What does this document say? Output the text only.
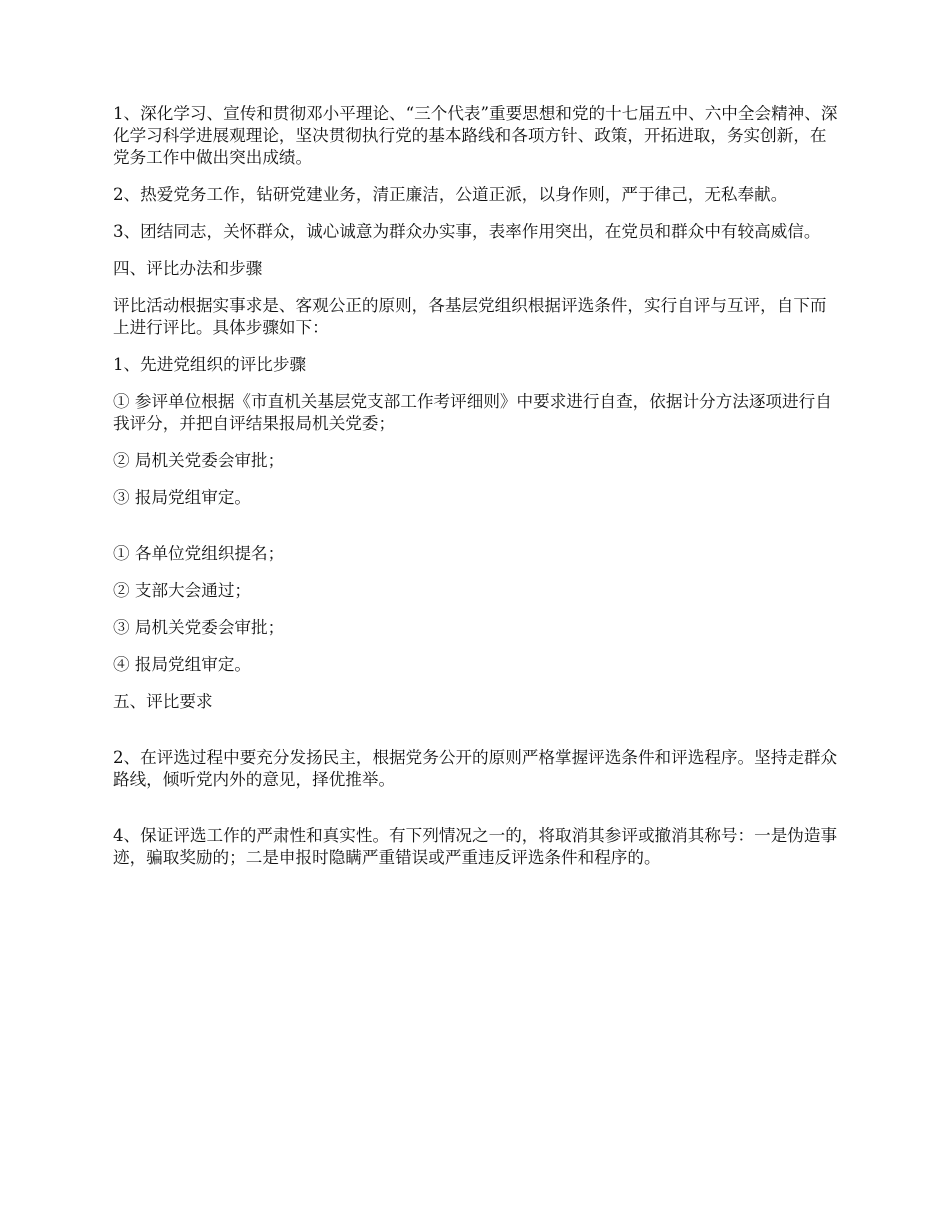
1、深化学习、宣传和贯彻邓小平理论、“三个代表”重要思想和党的十七届五中、六中全会精神、深化学习科学进展观理论，坚决贯彻执行党的基本路线和各项方针、政策，开拓进取，务实创新，在党务工作中做出突出成绩。

2、热爱党务工作，钻研党建业务，清正廉洁，公道正派，以身作则，严于律己，无私奉献。

3、团结同志，关怀群众，诚心诚意为群众办实事，表率作用突出，在党员和群众中有较高威信。

四、评比办法和步骤

评比活动根据实事求是、客观公正的原则，各基层党组织根据评选条件，实行自评与互评，自下而上进行评比。具体步骤如下：

1、先进党组织的评比步骤

① 参评单位根据《市直机关基层党支部工作考评细则》中要求进行自查，依据计分方法逐项进行自我评分，并把自评结果报局机关党委；

② 局机关党委会审批；

③ 报局党组审定。

① 各单位党组织提名；

② 支部大会通过；

③ 局机关党委会审批；

④ 报局党组审定。

五、评比要求

2、在评选过程中要充分发扬民主，根据党务公开的原则严格掌握评选条件和评选程序。坚持走群众路线，倾听党内外的意见，择优推举。

4、保证评选工作的严肃性和真实性。有下列情况之一的，将取消其参评或撤消其称号：一是伪造事迹，骗取奖励的；二是申报时隐瞒严重错误或严重违反评选条件和程序的。
